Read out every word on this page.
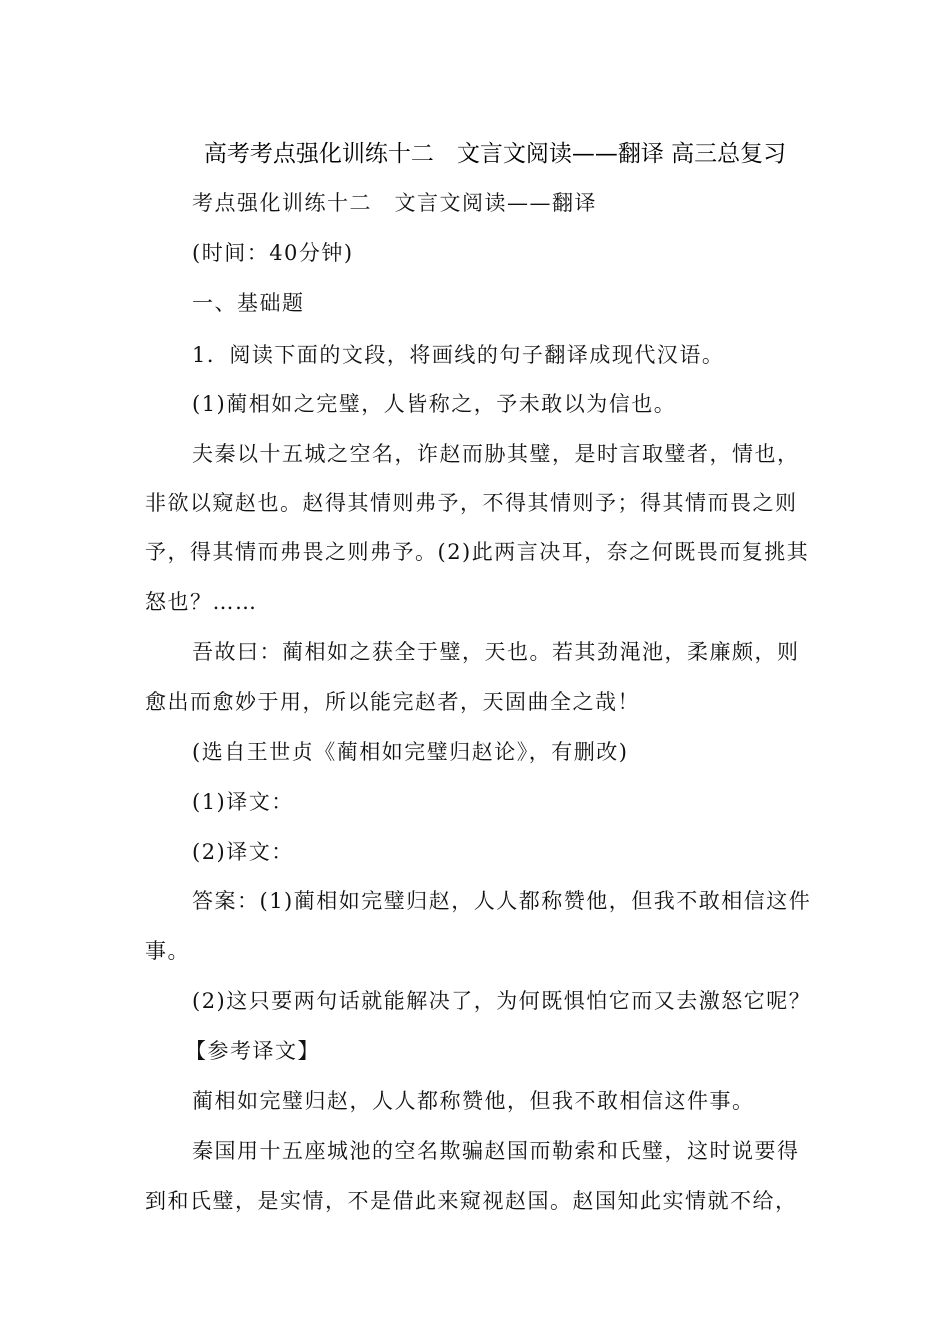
高考考点强化训练十二　文言文阅读——翻译 高三总复习
考点强化训练十二　文言文阅读——翻译
(时间：40分钟)
一、基础题
1．阅读下面的文段，将画线的句子翻译成现代汉语。
(1)蔺相如之完璧，人皆称之，予未敢以为信也。
夫秦以十五城之空名，诈赵而胁其璧，是时言取璧者，情也，
非欲以窥赵也。赵得其情则弗予，不得其情则予；得其情而畏之则
予，得其情而弗畏之则弗予。(2)此两言决耳，奈之何既畏而复挑其
怒也？……
吾故曰：蔺相如之获全于璧，天也。若其劲渑池，柔廉颇，则
愈出而愈妙于用，所以能完赵者，天固曲全之哉！
(选自王世贞《蔺相如完璧归赵论》，有删改)
(1)译文：
(2)译文：
答案：(1)蔺相如完璧归赵，人人都称赞他，但我不敢相信这件
事。
(2)这只要两句话就能解决了，为何既惧怕它而又去激怒它呢？
【参考译文】
蔺相如完璧归赵，人人都称赞他，但我不敢相信这件事。
秦国用十五座城池的空名欺骗赵国而勒索和氏璧，这时说要得
到和氏璧，是实情，不是借此来窥视赵国。赵国知此实情就不给，
